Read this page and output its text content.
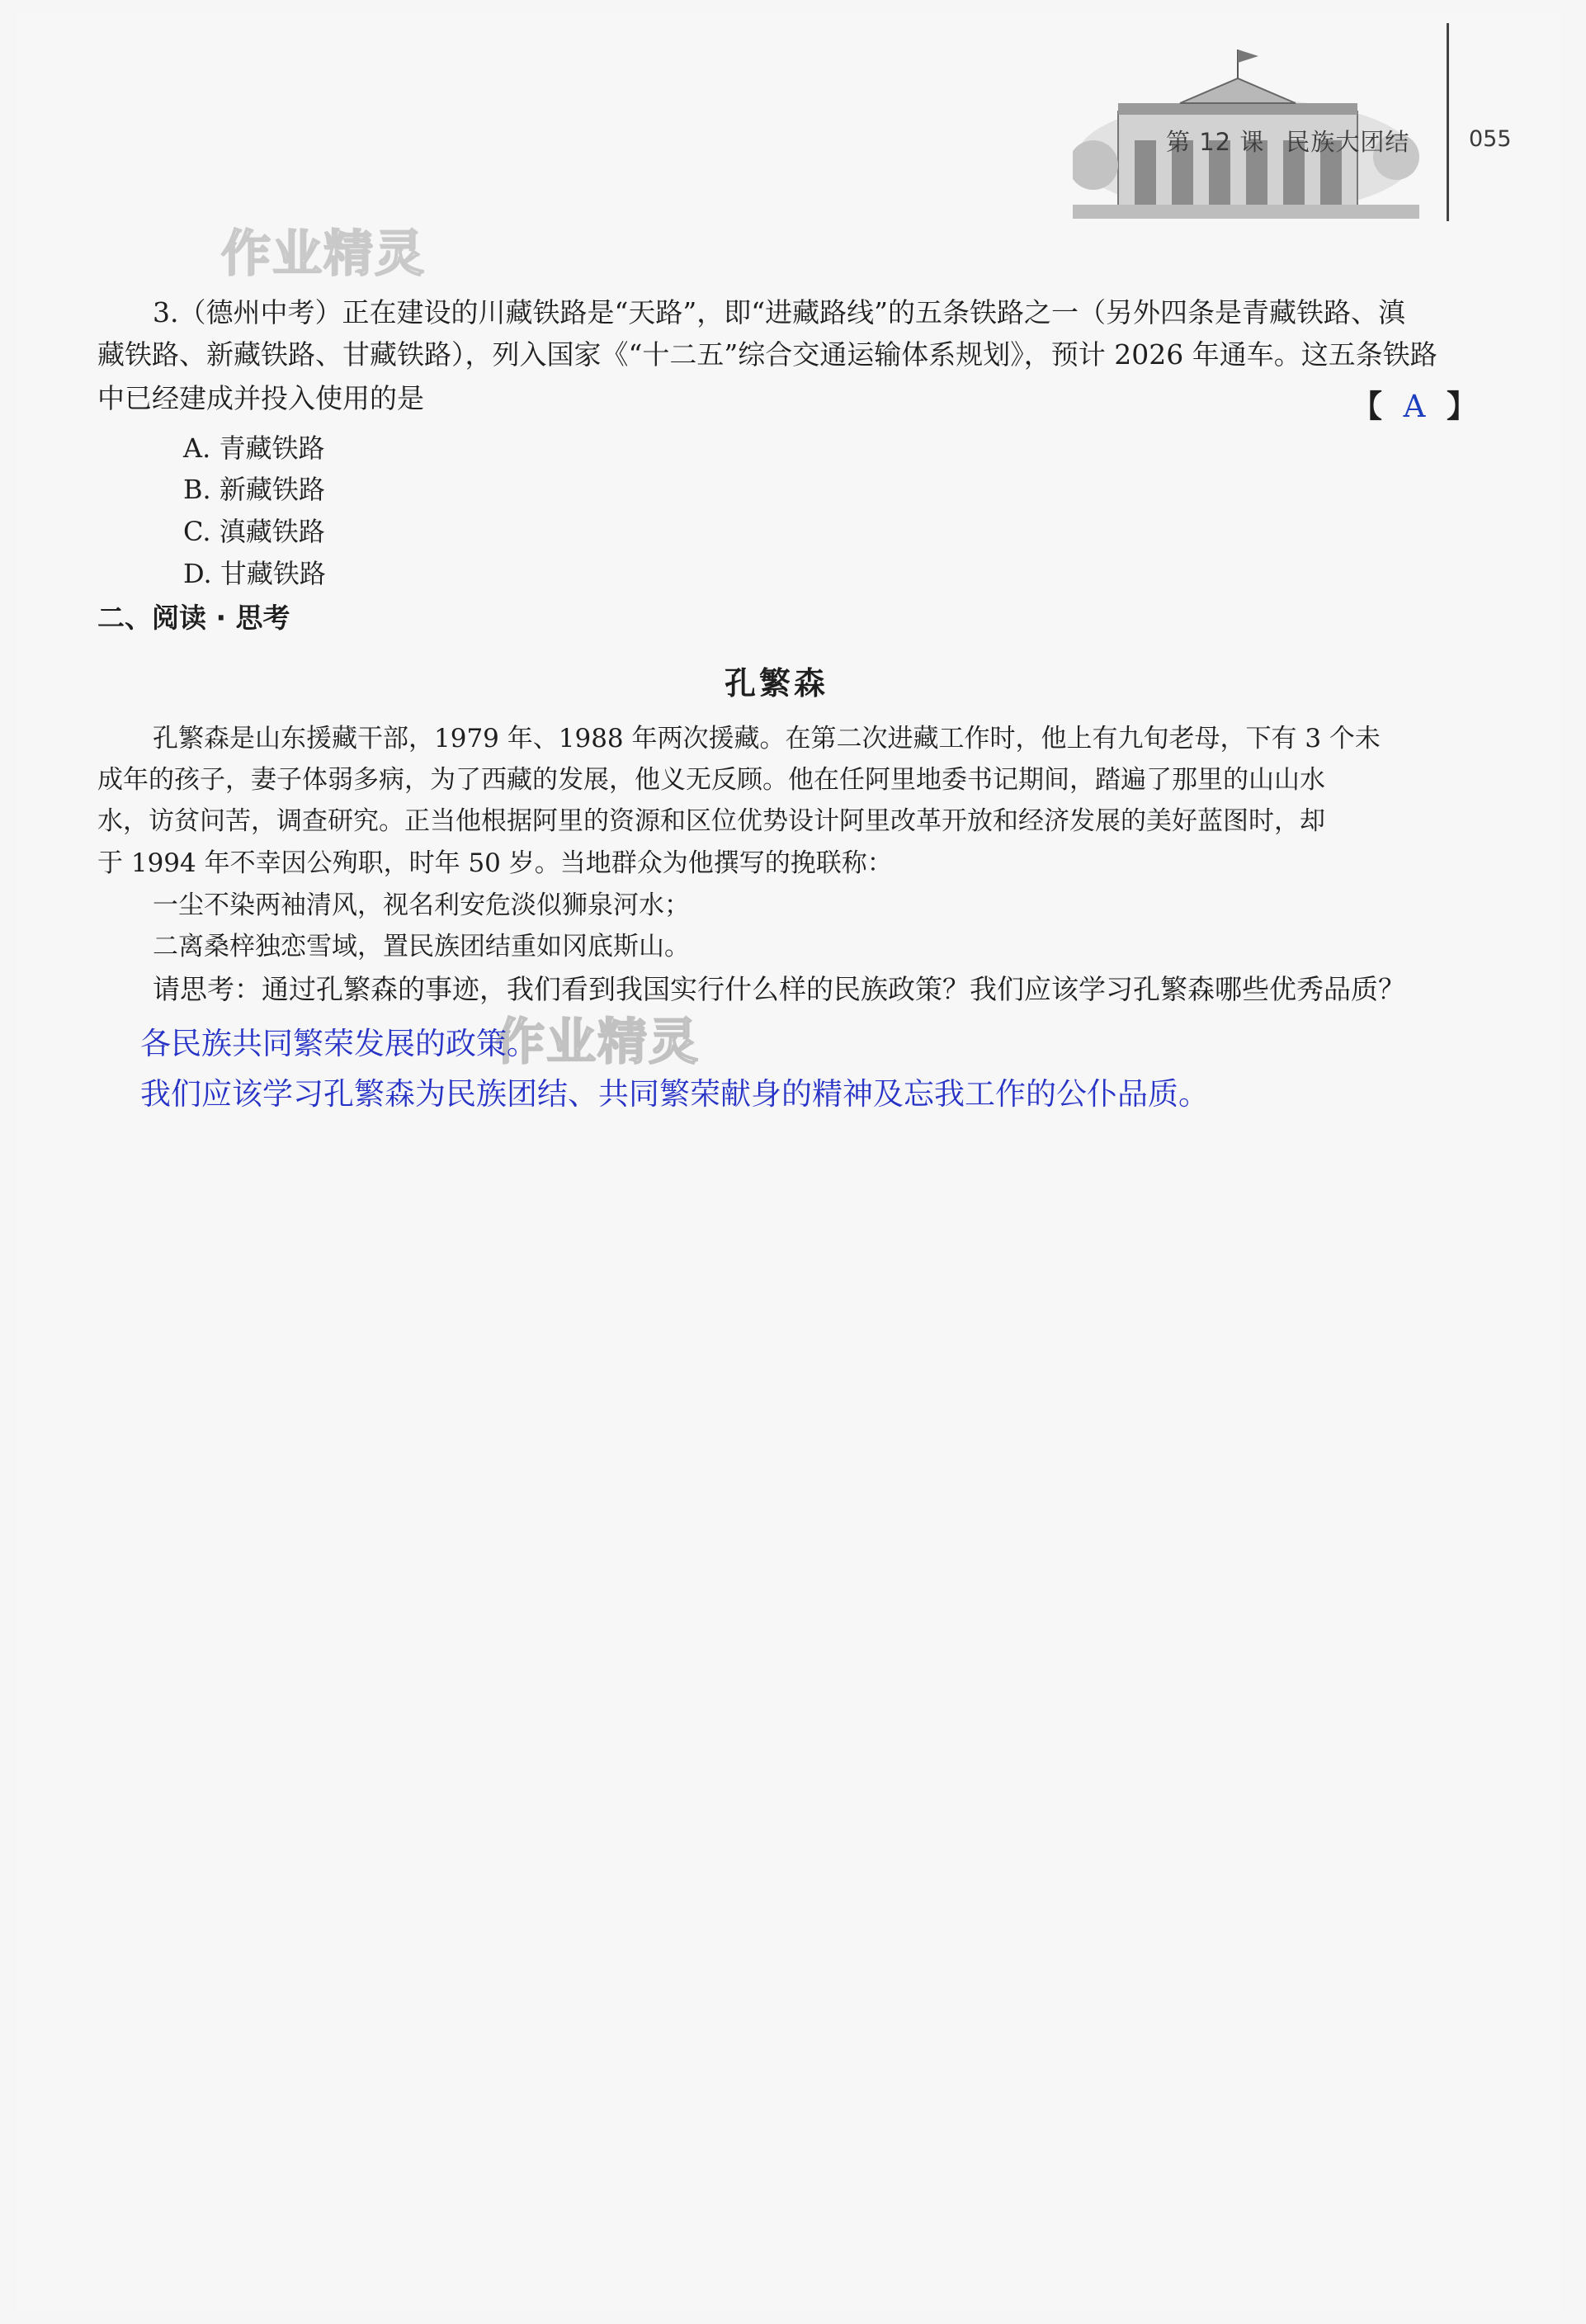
第 12 课 民族大团结	055
作业精灵
作业精灵
3.（德州中考）正在建设的川藏铁路是“天路”，即“进藏路线”的五条铁路之一（另外四条是青藏铁路、滇
藏铁路、新藏铁路、甘藏铁路），列入国家《“十二五”综合交通运输体系规划》，预计 2026 年通车。这五条铁路
中已经建成并投入使用的是	【 A 】
A. 青藏铁路
B. 新藏铁路
C. 滇藏铁路
D. 甘藏铁路
二、阅读 · 思考
孔繁森
孔繁森是山东援藏干部，1979 年、1988 年两次援藏。在第二次进藏工作时，他上有九旬老母，下有 3 个未
成年的孩子，妻子体弱多病，为了西藏的发展，他义无反顾。他在任阿里地委书记期间，踏遍了那里的山山水
水，访贫问苦，调查研究。正当他根据阿里的资源和区位优势设计阿里改革开放和经济发展的美好蓝图时，却
于 1994 年不幸因公殉职，时年 50 岁。当地群众为他撰写的挽联称：
一尘不染两袖清风，视名利安危淡似狮泉河水；
二离桑梓独恋雪域，置民族团结重如冈底斯山。
请思考：通过孔繁森的事迹，我们看到我国实行什么样的民族政策？我们应该学习孔繁森哪些优秀品质？
各民族共同繁荣发展的政策。
我们应该学习孔繁森为民族团结、共同繁荣献身的精神及忘我工作的公仆品质。
